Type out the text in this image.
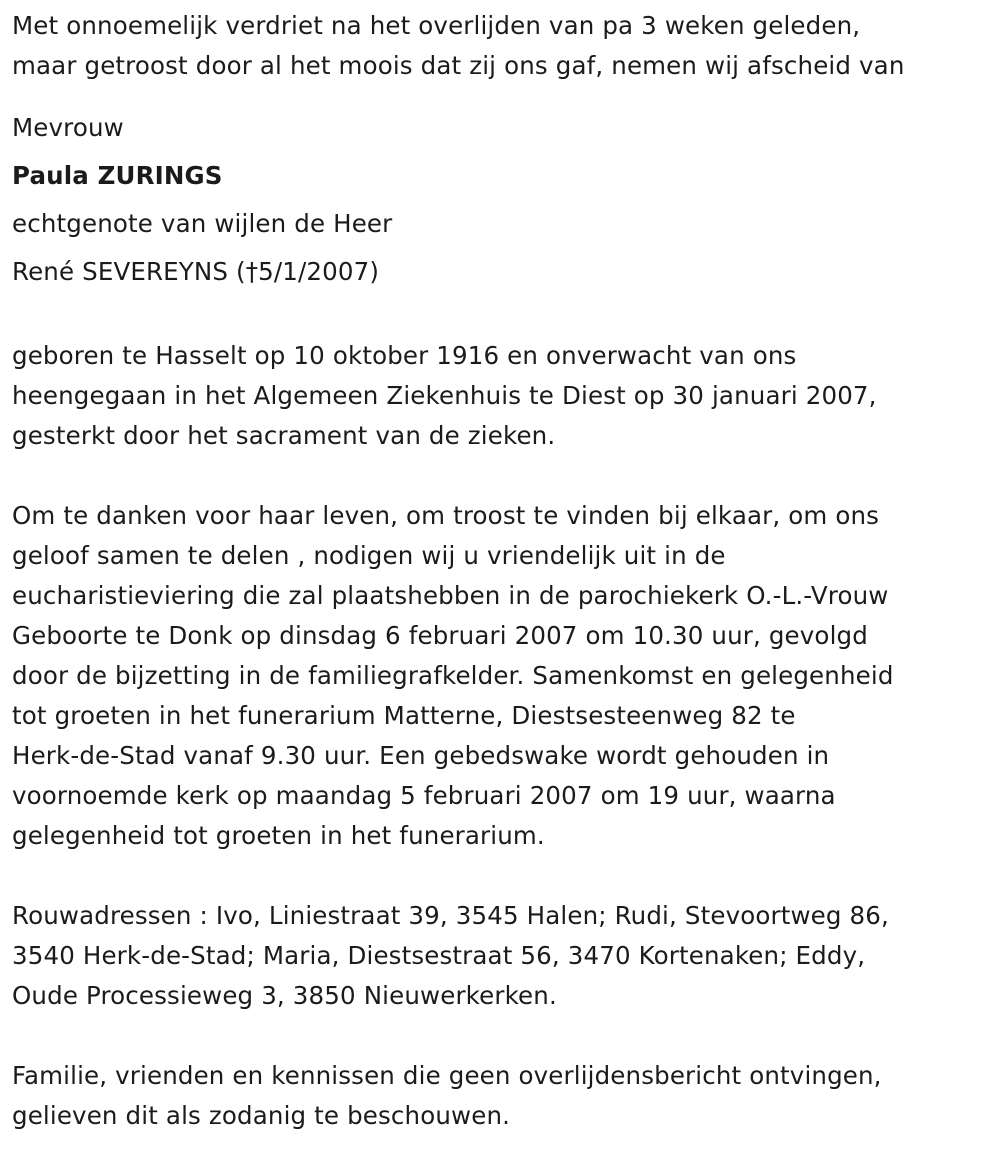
Met onnoemelijk verdriet na het overlijden van pa 3 weken geleden,
maar getroost door al het moois dat zij ons gaf, nemen wij afscheid van
Mevrouw
Paula ZURINGS
echtgenote van wijlen de Heer
René SEVEREYNS (†5/1/2007)
geboren te Hasselt op 10 oktober 1916 en onverwacht van ons
heengegaan in het Algemeen Ziekenhuis te Diest op 30 januari 2007,
gesterkt door het sacrament van de zieken.
Om te danken voor haar leven, om troost te vinden bij elkaar, om ons
geloof samen te delen , nodigen wij u vriendelijk uit in de
eucharistieviering die zal plaatshebben in de parochiekerk O.-L.-Vrouw
Geboorte te Donk op dinsdag 6 februari 2007 om 10.30 uur, gevolgd
door de bijzetting in de familiegrafkelder. Samenkomst en gelegenheid
tot groeten in het funerarium Matterne, Diestsesteenweg 82 te
Herk-de-Stad vanaf 9.30 uur. Een gebedswake wordt gehouden in
voornoemde kerk op maandag 5 februari 2007 om 19 uur, waarna
gelegenheid tot groeten in het funerarium.
Rouwadressen : Ivo, Liniestraat 39, 3545 Halen; Rudi, Stevoortweg 86,
3540 Herk-de-Stad; Maria, Diestsestraat 56, 3470 Kortenaken; Eddy,
Oude Processieweg 3, 3850 Nieuwerkerken.
Familie, vrienden en kennissen die geen overlijdensbericht ontvingen,
gelieven dit als zodanig te beschouwen.
